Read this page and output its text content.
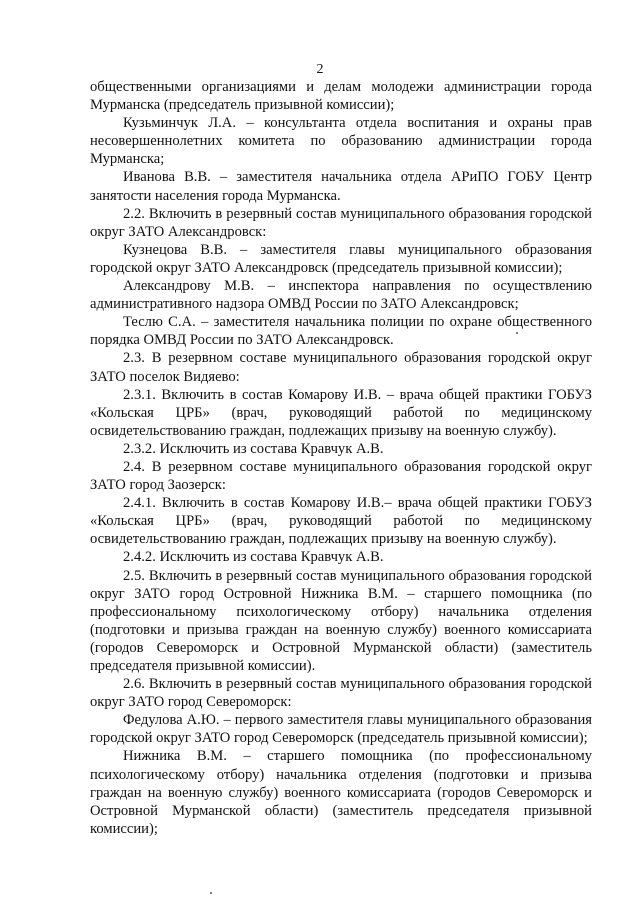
2

общественными организациями и делам молодежи администрации города Мурманска (председатель призывной комиссии);

Кузьминчук Л.А. – консультанта отдела воспитания и охраны прав несовершеннолетних комитета по образованию администрации города Мурманска;

Иванова В.В. – заместителя начальника отдела АРиПО ГОБУ Центр занятости населения города Мурманска.

2.2. Включить в резервный состав муниципального образования городской округ ЗАТО Александровск:

Кузнецова В.В. – заместителя главы муниципального образования городской округ ЗАТО Александровск (председатель призывной комиссии);

Александрову М.В. – инспектора направления по осуществлению административного надзора ОМВД России по ЗАТО Александровск;

Теслю С.А. – заместителя начальника полиции по охране общественного порядка ОМВД России по ЗАТО Александровск.

2.3. В резервном составе муниципального образования городской округ ЗАТО поселок Видяево:

2.3.1. Включить в состав Комарову И.В. – врача общей практики ГОБУЗ «Кольская ЦРБ» (врач, руководящий работой по медицинскому освидетельствованию граждан, подлежащих призыву на военную службу).

2.3.2. Исключить из состава Кравчук А.В.

2.4. В резервном составе муниципального образования городской округ ЗАТО город Заозерск:

2.4.1. Включить в состав Комарову И.В.– врача общей практики ГОБУЗ «Кольская ЦРБ» (врач, руководящий работой по медицинскому освидетельствованию граждан, подлежащих призыву на военную службу).

2.4.2. Исключить из состава Кравчук А.В.

2.5. Включить в резервный состав муниципального образования городской округ ЗАТО город Островной Нижника В.М. – старшего помощника (по профессиональному психологическому отбору) начальника отделения (подготовки и призыва граждан на военную службу) военного комиссариата (городов Североморск и Островной Мурманской области) (заместитель председателя призывной комиссии).

2.6. Включить в резервный состав муниципального образования городской округ ЗАТО город Североморск:

Федулова А.Ю. – первого заместителя главы муниципального образования городской округ ЗАТО город Североморск (председатель призывной комиссии);

Нижника В.М. – старшего помощника (по профессиональному психологическому отбору) начальника отделения (подготовки и призыва граждан на военную службу) военного комиссариата (городов Североморск и Островной Мурманской области) (заместитель председателя призывной комиссии);
